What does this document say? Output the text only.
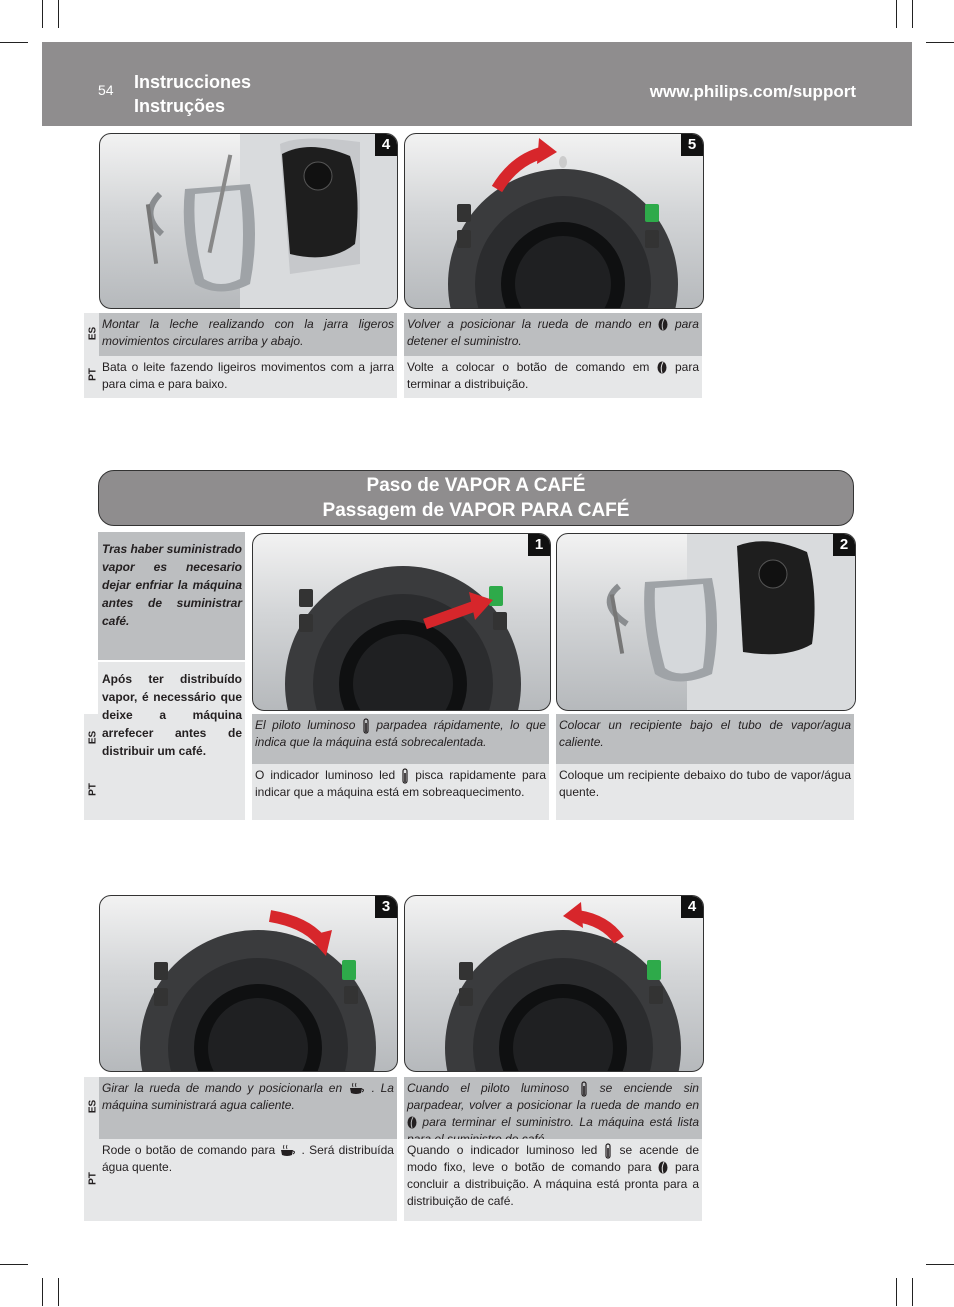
54 Instrucciones
Instruções
www.philips.com/support
4	5
ES
PT
Montar la leche realizando con la jarra ligeros movimientos circulares arriba y abajo.
Bata o leite fazendo ligeiros movimentos com a jarra para cima e para baixo.
Volver a posicionar la rueda de mando en para detener el suministro.
Volte a colocar o botão de comando em para terminar a distribuição.
Paso de VAPOR A CAFÉ
Passagem de VAPOR PARA CAFÉ
Tras haber suministrado vapor es necesario dejar enfriar la máquina antes de suministrar café.
Após ter distribuído vapor, é necessário que deixe a máquina arrefecer antes de distribuir um café.
ES
PT
1	2
El piloto luminoso parpadea rápidamente, lo que indica que la máquina está sobrecalentada.
O indicador luminoso led pisca rapidamente para indicar que a máquina está em sobreaquecimento.
Colocar un recipiente bajo el tubo de vapor/agua caliente.
Coloque um recipiente debaixo do tubo de vapor/água quente.
3	4
ES
PT
Girar la rueda de mando y posicionarla en . La máquina suministrará agua caliente.
Rode o botão de comando para . Será distribuída água quente.
Cuando el piloto luminoso	se enciende sin parpadear, volver a posicionar la rueda de mando en  para terminar el suministro. La máquina está lista
Quando o indicador luminoso led se acende de modo fixo, leve o botão de comando para para concluir a distribuição. A máquina está pronta para a distribuição de café.
